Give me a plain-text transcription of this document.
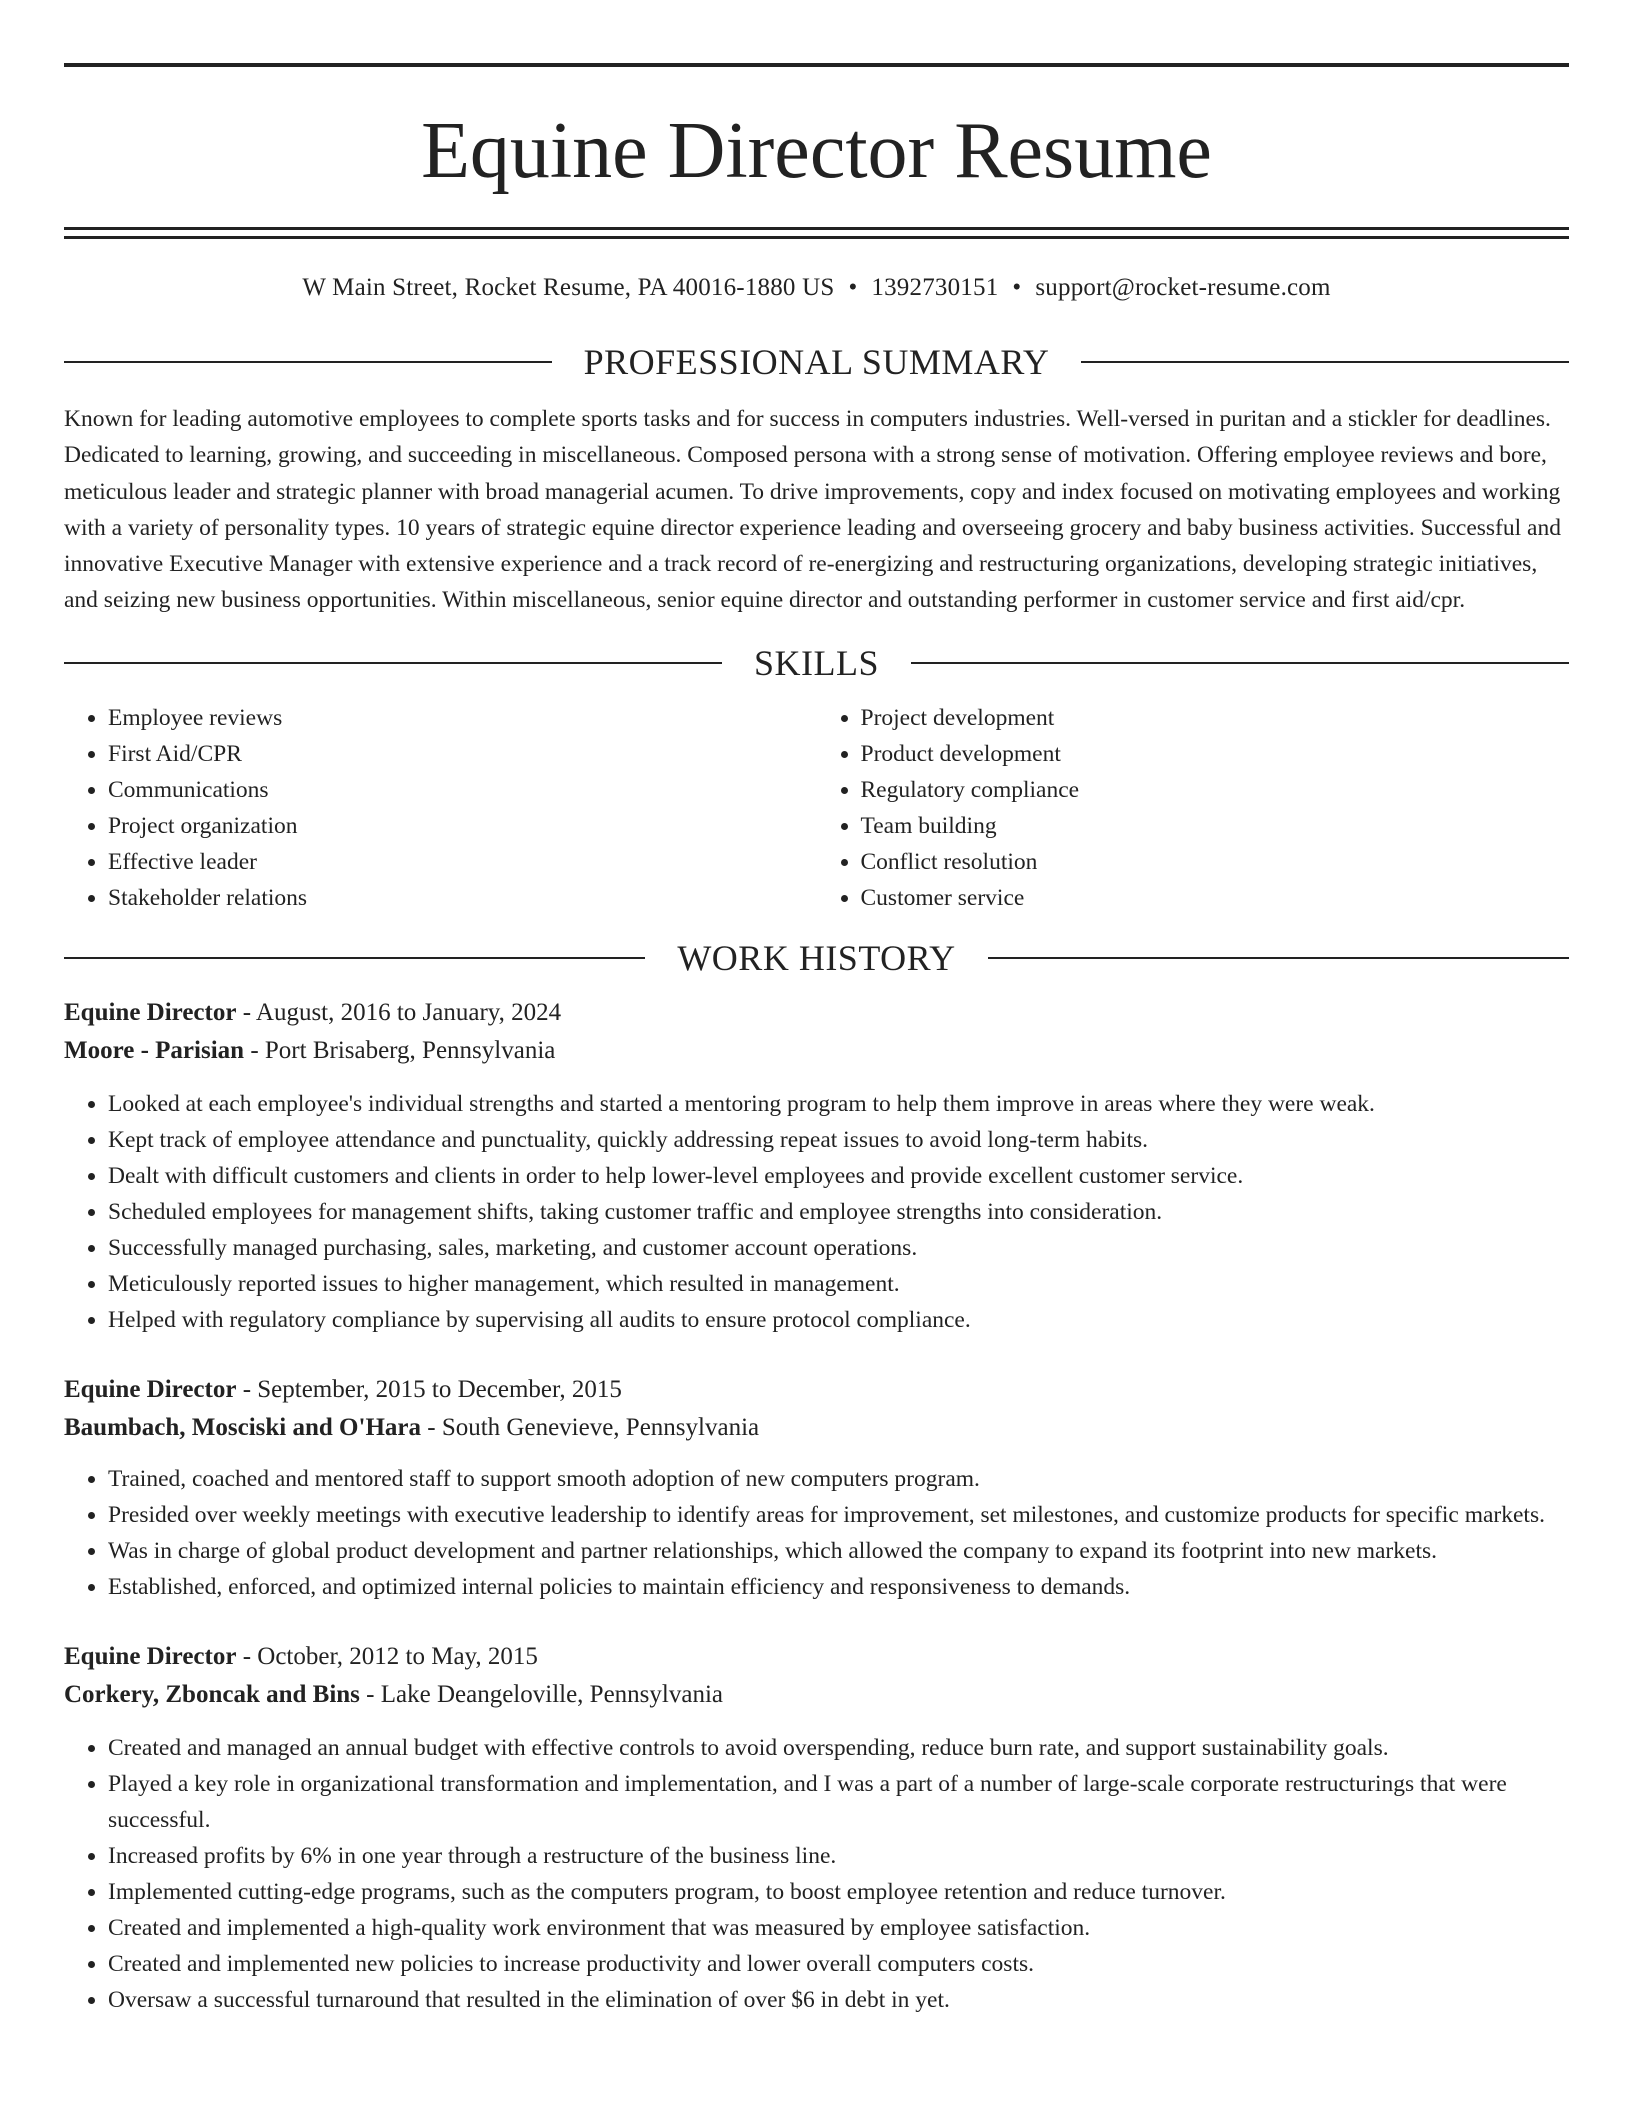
Equine Director Resume
W Main Street, Rocket Resume, PA 40016-1880 US • 1392730151 • support@rocket-resume.com
PROFESSIONAL SUMMARY

Known for leading automotive employees to complete sports tasks and for success in computers industries. Well-versed in puritan and a stickler for deadlines. Dedicated to learning, growing, and succeeding in miscellaneous. Composed persona with a strong sense of motivation. Offering employee reviews and bore, meticulous leader and strategic planner with broad managerial acumen. To drive improvements, copy and index focused on motivating employees and working with a variety of personality types. 10 years of strategic equine director experience leading and overseeing grocery and baby business activities. Successful and innovative Executive Manager with extensive experience and a track record of re-energizing and restructuring organizations, developing strategic initiatives, and seizing new business opportunities. Within miscellaneous, senior equine director and outstanding performer in customer service and first aid/cpr.

SKILLS
• Employee reviews
• First Aid/CPR
• Communications
• Project organization
• Effective leader
• Stakeholder relations
• Project development
• Product development
• Regulatory compliance
• Team building
• Conflict resolution
• Customer service
WORK HISTORY
Equine Director - August, 2016 to January, 2024
Moore - Parisian - Port Brisaberg, Pennsylvania
• Looked at each employee's individual strengths and started a mentoring program to help them improve in areas where they were weak.
• Kept track of employee attendance and punctuality, quickly addressing repeat issues to avoid long-term habits.
• Dealt with difficult customers and clients in order to help lower-level employees and provide excellent customer service.
• Scheduled employees for management shifts, taking customer traffic and employee strengths into consideration.
• Successfully managed purchasing, sales, marketing, and customer account operations.
• Meticulously reported issues to higher management, which resulted in management.
• Helped with regulatory compliance by supervising all audits to ensure protocol compliance.
Equine Director - September, 2015 to December, 2015
Baumbach, Mosciski and O'Hara - South Genevieve, Pennsylvania
• Trained, coached and mentored staff to support smooth adoption of new computers program.
• Presided over weekly meetings with executive leadership to identify areas for improvement, set milestones, and customize products for specific markets.
• Was in charge of global product development and partner relationships, which allowed the company to expand its footprint into new markets.
• Established, enforced, and optimized internal policies to maintain efficiency and responsiveness to demands.
Equine Director - October, 2012 to May, 2015
Corkery, Zboncak and Bins - Lake Deangeloville, Pennsylvania
• Created and managed an annual budget with effective controls to avoid overspending, reduce burn rate, and support sustainability goals.
• Played a key role in organizational transformation and implementation, and I was a part of a number of large-scale corporate restructurings that were successful.
• Increased profits by 6% in one year through a restructure of the business line.
• Implemented cutting-edge programs, such as the computers program, to boost employee retention and reduce turnover.
• Created and implemented a high-quality work environment that was measured by employee satisfaction.
• Created and implemented new policies to increase productivity and lower overall computers costs.
• Oversaw a successful turnaround that resulted in the elimination of over $6 in debt in yet.
